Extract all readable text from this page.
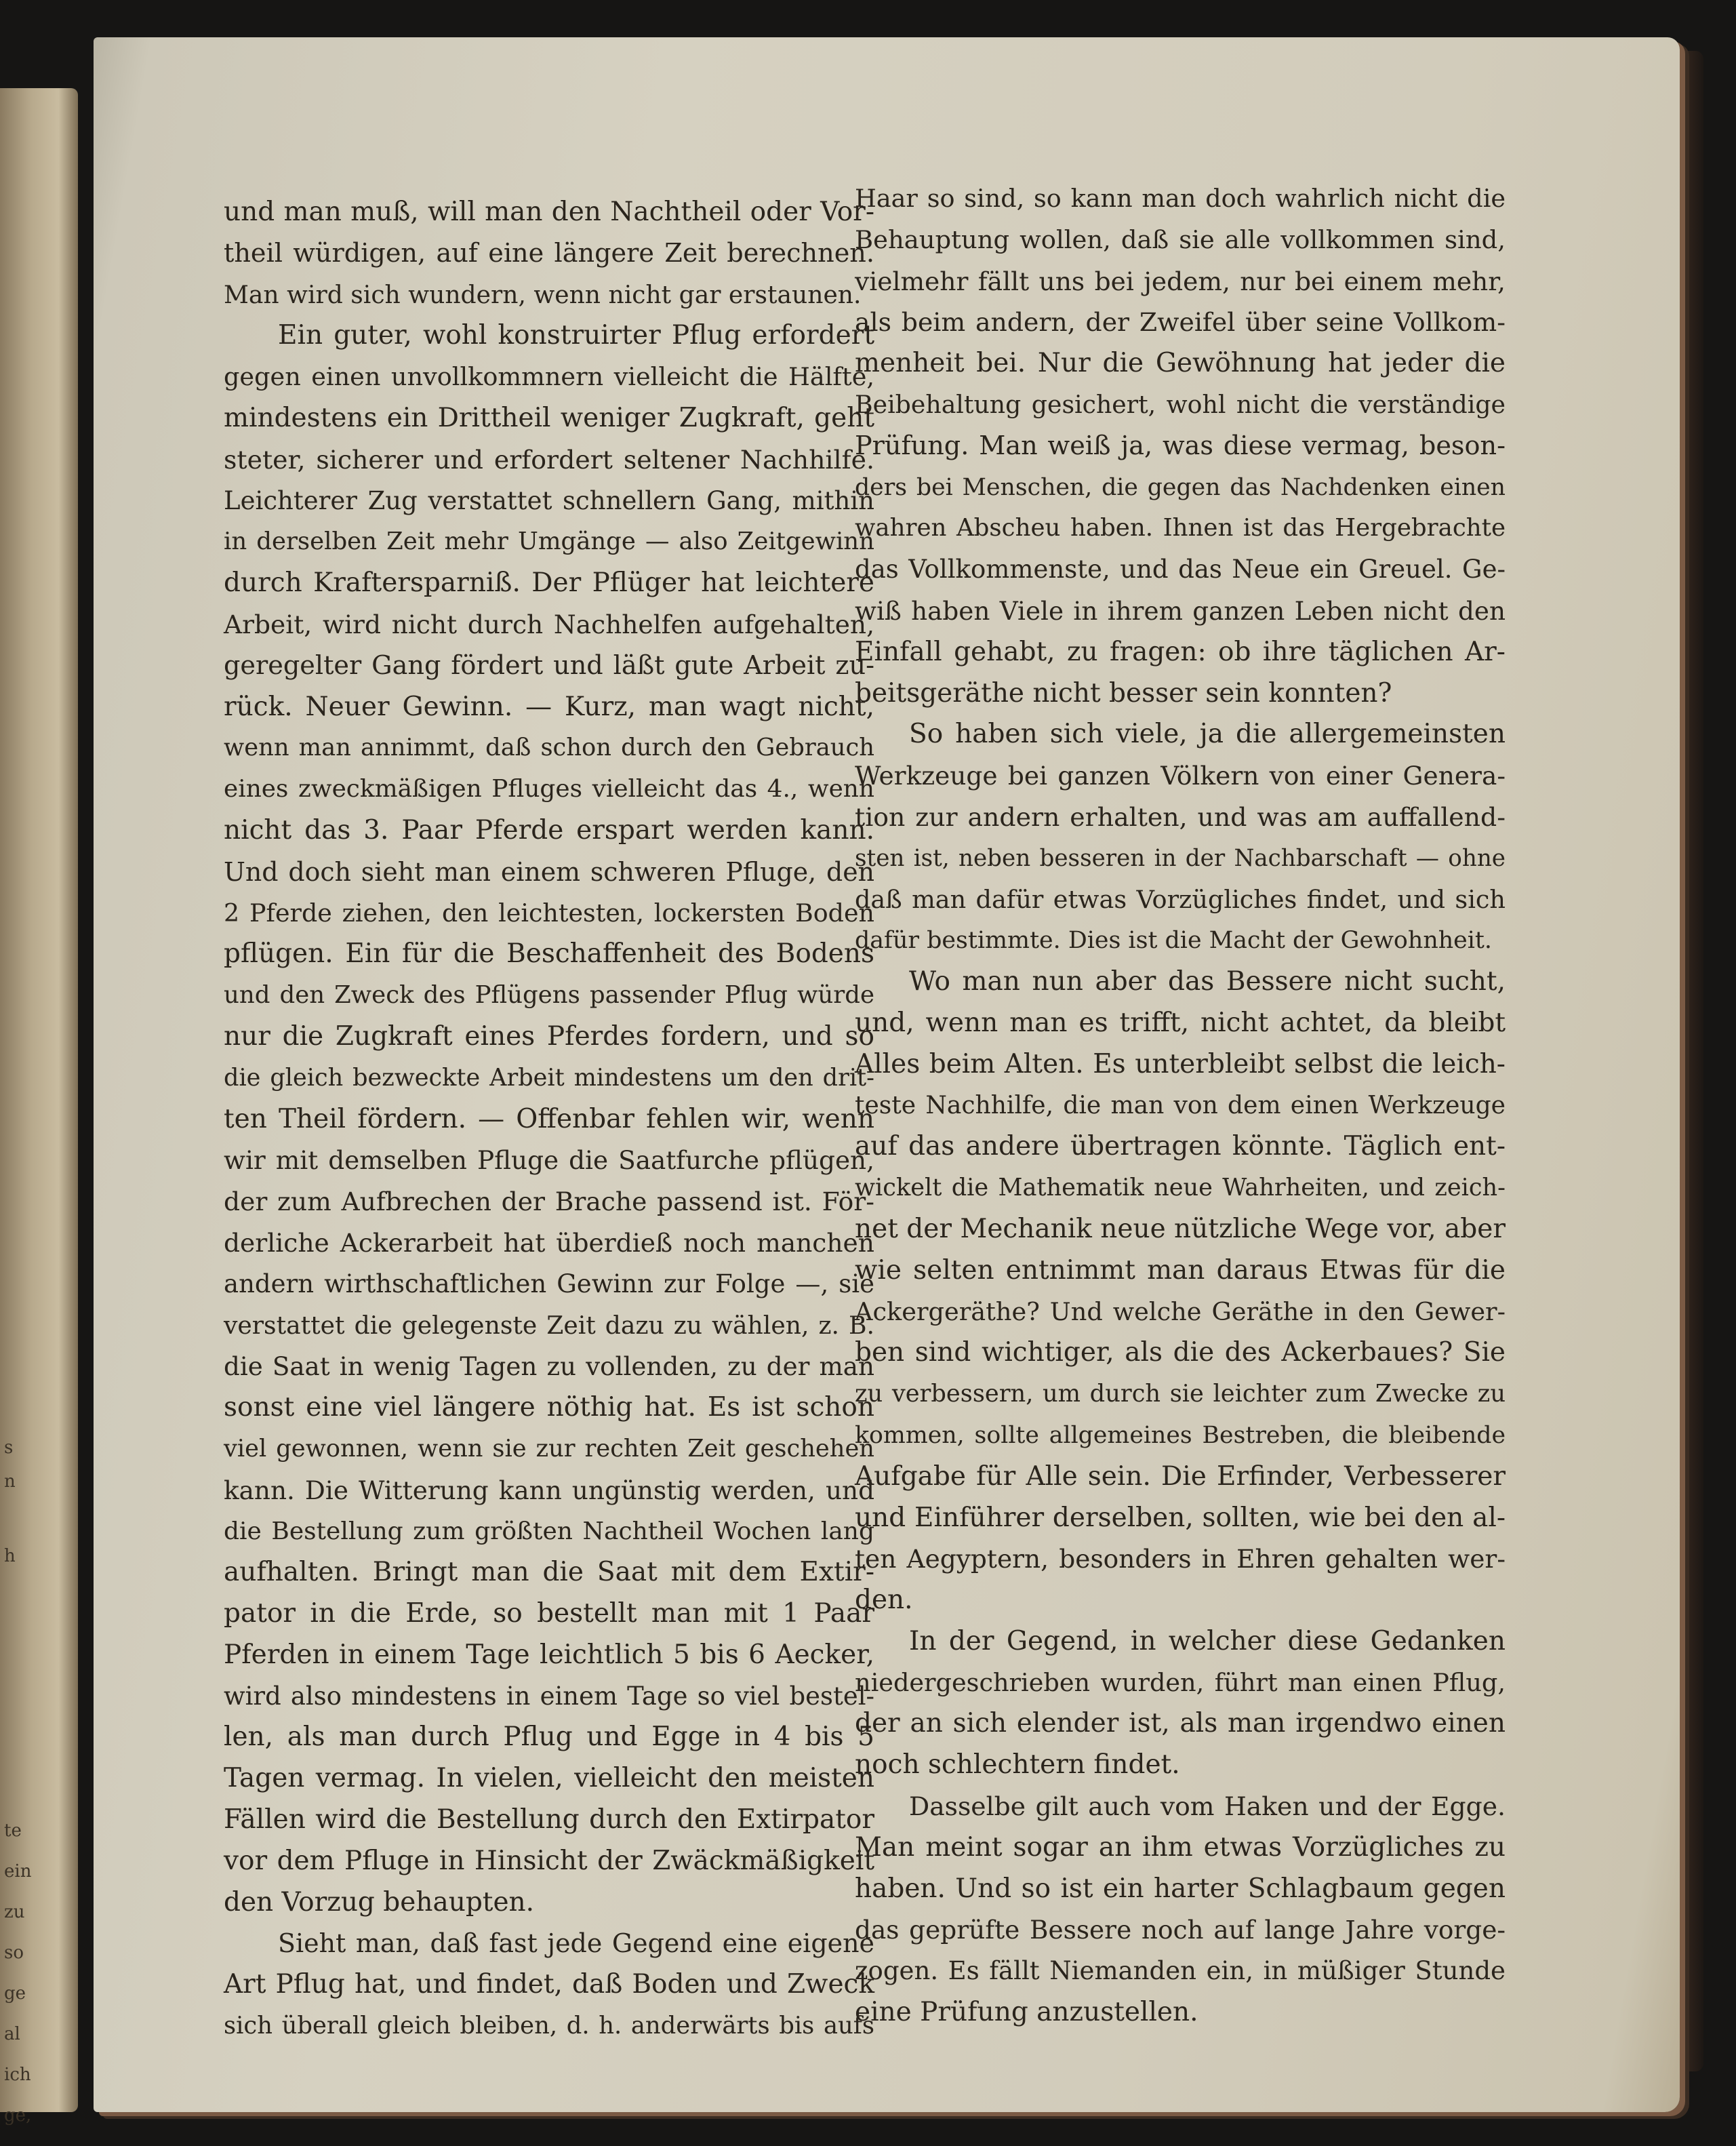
s
n
h
te
ein
zu
so
ge
al
ich
ge,
und man muß, will man den Nachtheil oder Vor-
theil würdigen, auf eine längere Zeit berechnen.
Man wird sich wundern, wenn nicht gar erstaunen.
Ein guter, wohl konstruirter Pflug erfordert
gegen einen unvollkommnern vielleicht die Hälfte,
mindestens ein Drittheil weniger Zugkraft, geht
steter, sicherer und erfordert seltener Nachhilfe.
Leichterer Zug verstattet schnellern Gang, mithin
in derselben Zeit mehr Umgänge — also Zeitgewinn
durch Kraftersparniß. Der Pflüger hat leichtere
Arbeit, wird nicht durch Nachhelfen aufgehalten,
geregelter Gang fördert und läßt gute Arbeit zu-
rück. Neuer Gewinn. — Kurz, man wagt nicht,
wenn man annimmt, daß schon durch den Gebrauch
eines zweckmäßigen Pfluges vielleicht das 4., wenn
nicht das 3. Paar Pferde erspart werden kann.
Und doch sieht man einem schweren Pfluge, den
2 Pferde ziehen, den leichtesten, lockersten Boden
pflügen. Ein für die Beschaffenheit des Bodens
und den Zweck des Pflügens passender Pflug würde
nur die Zugkraft eines Pferdes fordern, und so
die gleich bezweckte Arbeit mindestens um den drit-
ten Theil fördern. — Offenbar fehlen wir, wenn
wir mit demselben Pfluge die Saatfurche pflügen,
der zum Aufbrechen der Brache passend ist. För-
derliche Ackerarbeit hat überdieß noch manchen
andern wirthschaftlichen Gewinn zur Folge —, sie
verstattet die gelegenste Zeit dazu zu wählen, z. B.
die Saat in wenig Tagen zu vollenden, zu der man
sonst eine viel längere nöthig hat. Es ist schon
viel gewonnen, wenn sie zur rechten Zeit geschehen
kann. Die Witterung kann ungünstig werden, und
die Bestellung zum größten Nachtheil Wochen lang
aufhalten. Bringt man die Saat mit dem Extir-
pator in die Erde, so bestellt man mit 1 Paar
Pferden in einem Tage leichtlich 5 bis 6 Aecker,
wird also mindestens in einem Tage so viel bestel-
len, als man durch Pflug und Egge in 4 bis 5
Tagen vermag. In vielen, vielleicht den meisten
Fällen wird die Bestellung durch den Extirpator
vor dem Pfluge in Hinsicht der Zwäckmäßigkeit
den Vorzug behaupten.
Sieht man, daß fast jede Gegend eine eigene
Art Pflug hat, und findet, daß Boden und Zweck
sich überall gleich bleiben, d. h. anderwärts bis aufs
Haar so sind, so kann man doch wahrlich nicht die
Behauptung wollen, daß sie alle vollkommen sind,
vielmehr fällt uns bei jedem, nur bei einem mehr,
als beim andern, der Zweifel über seine Vollkom-
menheit bei. Nur die Gewöhnung hat jeder die
Beibehaltung gesichert, wohl nicht die verständige
Prüfung. Man weiß ja, was diese vermag, beson-
ders bei Menschen, die gegen das Nachdenken einen
wahren Abscheu haben. Ihnen ist das Hergebrachte
das Vollkommenste, und das Neue ein Greuel. Ge-
wiß haben Viele in ihrem ganzen Leben nicht den
Einfall gehabt, zu fragen: ob ihre täglichen Ar-
beitsgeräthe nicht besser sein konnten?
So haben sich viele, ja die allergemeinsten
Werkzeuge bei ganzen Völkern von einer Genera-
tion zur andern erhalten, und was am auffallend-
sten ist, neben besseren in der Nachbarschaft — ohne
daß man dafür etwas Vorzügliches findet, und sich
dafür bestimmte. Dies ist die Macht der Gewohnheit.
Wo man nun aber das Bessere nicht sucht,
und, wenn man es trifft, nicht achtet, da bleibt
Alles beim Alten. Es unterbleibt selbst die leich-
teste Nachhilfe, die man von dem einen Werkzeuge
auf das andere übertragen könnte. Täglich ent-
wickelt die Mathematik neue Wahrheiten, und zeich-
net der Mechanik neue nützliche Wege vor, aber
wie selten entnimmt man daraus Etwas für die
Ackergeräthe? Und welche Geräthe in den Gewer-
ben sind wichtiger, als die des Ackerbaues? Sie
zu verbessern, um durch sie leichter zum Zwecke zu
kommen, sollte allgemeines Bestreben, die bleibende
Aufgabe für Alle sein. Die Erfinder, Verbesserer
und Einführer derselben, sollten, wie bei den al-
ten Aegyptern, besonders in Ehren gehalten wer-
den.
In der Gegend, in welcher diese Gedanken
niedergeschrieben wurden, führt man einen Pflug,
der an sich elender ist, als man irgendwo einen
noch schlechtern findet.
Dasselbe gilt auch vom Haken und der Egge.
Man meint sogar an ihm etwas Vorzügliches zu
haben. Und so ist ein harter Schlagbaum gegen
das geprüfte Bessere noch auf lange Jahre vorge-
zogen. Es fällt Niemanden ein, in müßiger Stunde
eine Prüfung anzustellen.
